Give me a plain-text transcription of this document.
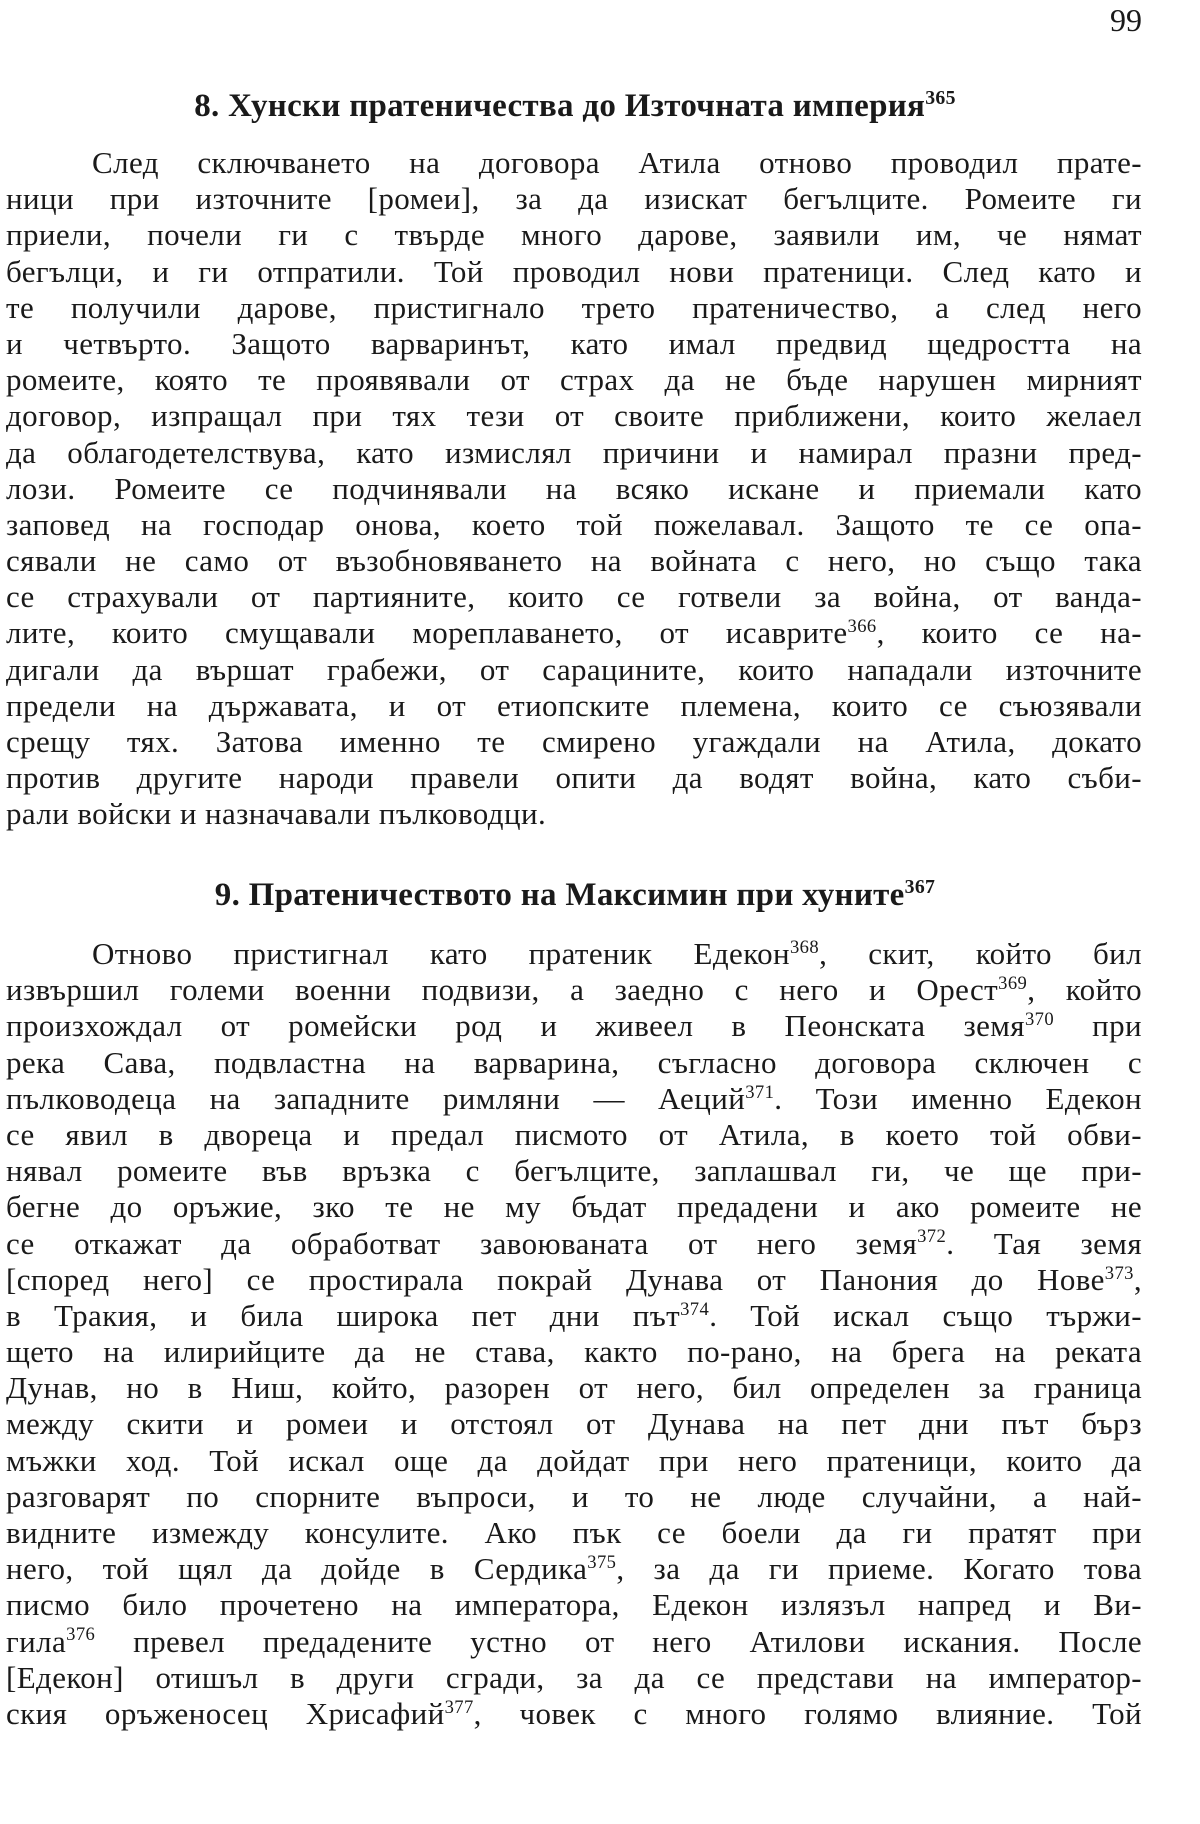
99
8. Хунски пратеничества до Източната империя$^{365}$
След сключването на договора Атила отново проводил прате-
ници при източните [ромеи], за да изискат бегълците. Ромеите ги
приели, почели ги с твърде много дарове, заявили им, че нямат
бегълци, и ги отпратили. Той проводил нови пратеници. След като и
те получили дарове, пристигнало трето пратеничество, а след него
и четвърто. Защото варваринът, като имал предвид щедростта на
ромеите, която те проявявали от страх да не бъде нарушен мирният
договор, изпращал при тях тези от своите приближени, които желаел
да облагодетелствува, като измислял причини и намирал празни пред-
лози. Ромеите се подчинявали на всяко искане и приемали като
заповед на господар онова, което той пожелавал. Защото те се опа-
сявали не само от възобновяването на войната с него, но също така
се страхували от партияните, които се готвели за война, от ванда-
лите, които смущавали мореплаването, от исаврите$^{366}$, които се на-
дигали да вършат грабежи, от сарацините, които нападали източните
предели на държавата, и от етиопските племена, които се съюзявали
срещу тях. Затова именно те смирено угаждали на Атила, докато
против другите народи правели опити да водят война, като съби-
рали войски и назначавали пълководци.
9. Пратеничеството на Максимин при хуните$^{367}$
Отново пристигнал като пратеник Едекон$^{368}$, скит, който бил
извършил големи военни подвизи, а заедно с него и Орест$^{369}$, който
произхождал от ромейски род и живеел в Пеонската земя$^{370}$ при
река Сава, подвластна на варварина, съгласно договора сключен с
пълководеца на западните римляни — Аеций$^{371}$. Този именно Едекон
се явил в двореца и предал писмото от Атила, в което той обви-
нявал ромеите във връзка с бегълците, заплашвал ги, че ще при-
бегне до оръжие, зко те не му бъдат предадени и ако ромеите не
се откажат да обработват завоюваната от него земя$^{372}$. Тая земя
[според него] се простирала покрай Дунава от Панония до Нове$^{373}$,
в Тракия, и била широка пет дни път$^{374}$. Той искал също тържи-
щето на илирийците да не става, както по-рано, на брега на реката
Дунав, но в Ниш, който, разорен от него, бил определен за граница
между скити и ромеи и отстоял от Дунава на пет дни път бърз
мъжки ход. Той искал още да дойдат при него пратеници, които да
разговарят по спорните въпроси, и то не люде случайни, а най-
видните измежду консулите. Ако пък се боели да ги пратят при
него, той щял да дойде в Сердика$^{375}$, за да ги приеме. Когато това
писмо било прочетено на императора, Едекон излязъл напред и Ви-
гила$^{376}$ превел предадените устно от него Атилови искания. После
[Едекон] отишъл в други сгради, за да се представи на император-
ския оръженосец Хрисафий$^{377}$, човек с много голямо влияние. Той
